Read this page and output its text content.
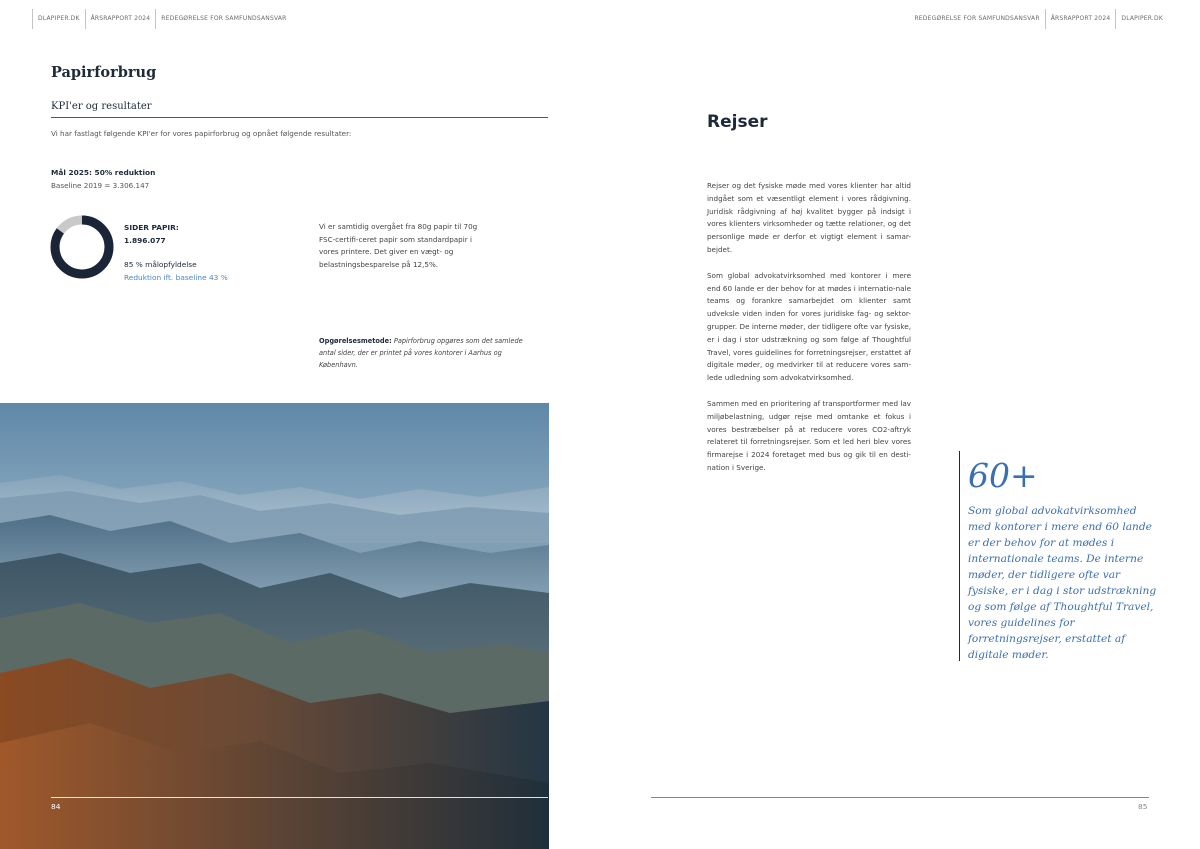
DLAPIPER.DK	ÅRSRAPPORT 2024	REDEGØRELSE FOR SAMFUNDSANSVAR	REDEGØRELSE FOR SAMFUNDSANSVAR	ÅRSRAPPORT 2024	DLAPIPER.DK
Papirforbrug
KPI'er og resultater
Vi har fastlagt følgende KPI'er for vores papirforbrug og opnået følgende resultater:
Mål 2025: 50% reduktion
Baseline 2019 = 3.306.147
SIDER PAPIR:
1.896.077
85 % målopfyldelse
Reduktion ift. baseline 43 %
Vi er samtidig overgået fra 80g papir til 70g FSC-certifi-ceret papir som standardpapir i vores printere. Det giver en vægt- og belastningsbesparelse på 12,5%.
Opgørelsesmetode: Papirforbrug opgøres som det samlede antal sider, der er printet på vores kontorer i Aarhus og København.
84
Rejser

Rejser og det fysiske møde med vores klienter har altid indgået som et væsentligt element i vores rådgivning. Juridisk rådgivning af høj kvalitet bygger på indsigt i vores klienters virksomheder og tætte relationer, og det personlige møde er derfor et vigtigt element i samar-bejdet.

Som global advokatvirksomhed med kontorer i mere end 60 lande er der behov for at mødes i internatio-nale teams og forankre samarbejdet om klienter samt udveksle viden inden for vores juridiske fag- og sektor-grupper. De interne møder, der tidligere ofte var fysiske, er i dag i stor udstrækning og som følge af Thoughtful Travel, vores guidelines for forretningsrejser, erstattet af digitale møder, og medvirker til at reducere vores sam-lede udledning som advokatvirksomhed.

Sammen med en prioritering af transportformer med lav miljøbelastning, udgør rejse med omtanke et fokus i vores bestræbelser på at reducere vores CO2-aftryk relateret til forretningsrejser. Som et led heri blev vores firmarejse i 2024 foretaget med bus og gik til en desti-nation i Sverige.	60+
Som global advokatvirksomhed med kontorer i mere end 60 lande er der behov for at mødes i internationale teams. De interne møder, der tidligere ofte var fysiske, er i dag i stor udstrækning og som følge af Thoughtful Travel, vores guidelines for forretningsrejser, erstattet af digitale møder.
85
